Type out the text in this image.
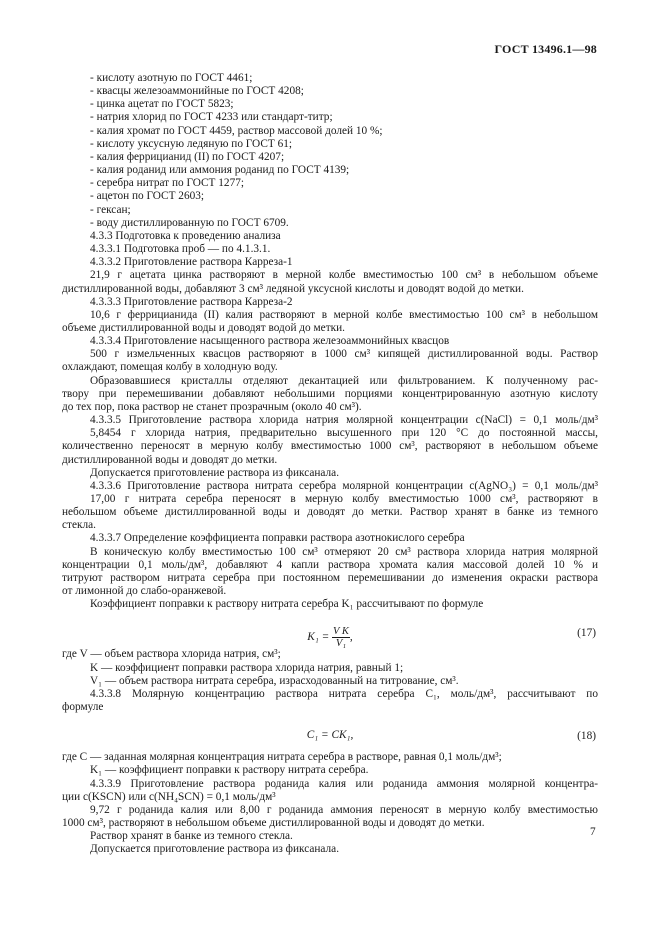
ГОСТ 13496.1—98
- кислоту азотную по ГОСТ 4461;
- квасцы железоаммонийные по ГОСТ 4208;
- цинка ацетат по ГОСТ 5823;
- натрия хлорид по ГОСТ 4233 или стандарт-титр;
- калия хромат по ГОСТ 4459, раствор массовой долей 10 %;
- кислоту уксусную ледяную по ГОСТ 61;
- калия феррицианид (II) по ГОСТ 4207;
- калия роданид или аммония роданид по ГОСТ 4139;
- серебра нитрат по ГОСТ 1277;
- ацетон по ГОСТ 2603;
- гексан;
- воду дистиллированную по ГОСТ 6709.
4.3.3 Подготовка к проведению анализа
4.3.3.1 Подготовка проб — по 4.1.3.1.
4.3.3.2 Приготовление раствора Карреза-1
21,9 г ацетата цинка растворяют в мерной колбе вместимостью 100 см³ в небольшом объеме
дистиллированной воды, добавляют 3 см³ ледяной уксусной кислоты и доводят водой до метки.
4.3.3.3 Приготовление раствора Карреза-2
10,6 г феррицианида (II) калия растворяют в мерной колбе вместимостью 100 см³ в небольшом
объеме дистиллированной воды и доводят водой до метки.
4.3.3.4 Приготовление насыщенного раствора железоаммонийных квасцов
500 г измельченных квасцов растворяют в 1000 см³ кипящей дистиллированной воды. Раствор
охлаждают, помещая колбу в холодную воду.
Образовавшиеся кристаллы отделяют декантацией или фильтрованием. К полученному рас-
твору при перемешивании добавляют небольшими порциями концентрированную азотную кислоту
до тех пор, пока раствор не станет прозрачным (около 40 см³).
4.3.3.5 Приготовление раствора хлорида натрия молярной концентрации c(NaCl) = 0,1 моль/дм³
5,8454 г хлорида натрия, предварительно высушенного при 120 °С до постоянной массы,
количественно переносят в мерную колбу вместимостью 1000 см³, растворяют в небольшом объеме
дистиллированной воды и доводят до метки.
Допускается приготовление раствора из фиксанала.
4.3.3.6 Приготовление раствора нитрата серебра молярной концентрации c(AgNO₃) = 0,1 моль/дм³
17,00 г нитрата серебра переносят в мерную колбу вместимостью 1000 см³, растворяют в
небольшом объеме дистиллированной воды и доводят до метки. Раствор хранят в банке из темного
стекла.
4.3.3.7 Определение коэффициента поправки раствора азотнокислого серебра
В коническую колбу вместимостью 100 см³ отмеряют 20 см³ раствора хлорида натрия молярной
концентрации 0,1 моль/дм³, добавляют 4 капли раствора хромата калия массовой долей 10 % и
титруют раствором нитрата серебра при постоянном перемешивании до изменения окраски раствора
от лимонной до слабо-оранжевой.
Коэффициент поправки к раствору нитрата серебра K₁ рассчитывают по формуле
$K_1 = \frac{\text{V K}}{\text{V₁}}$ ,	(17)
где V — объем раствора хлорида натрия, см³;
K — коэффициент поправки раствора хлорида натрия, равный 1;
V₁ — объем раствора нитрата серебра, израсходованный на титрование, см³.
4.3.3.8 Молярную концентрацию раствора нитрата серебра C₁, моль/дм³, рассчитывают по
формуле
C₁ = CK₁,	(18)
где C — заданная молярная концентрация нитрата серебра в растворе, равная 0,1 моль/дм³;
K₁ — коэффициент поправки к раствору нитрата серебра.
4.3.3.9 Приготовление раствора роданида калия или роданида аммония молярной концентра-
ции c(KSCN) или c(NH₄SCN) = 0,1 моль/дм³
9,72 г роданида калия или 8,00 г роданида аммония переносят в мерную колбу вместимостью
1000 см³, растворяют в небольшом объеме дистиллированной воды и доводят до метки.
Раствор хранят в банке из темного стекла.
Допускается приготовление раствора из фиксанала.
7
